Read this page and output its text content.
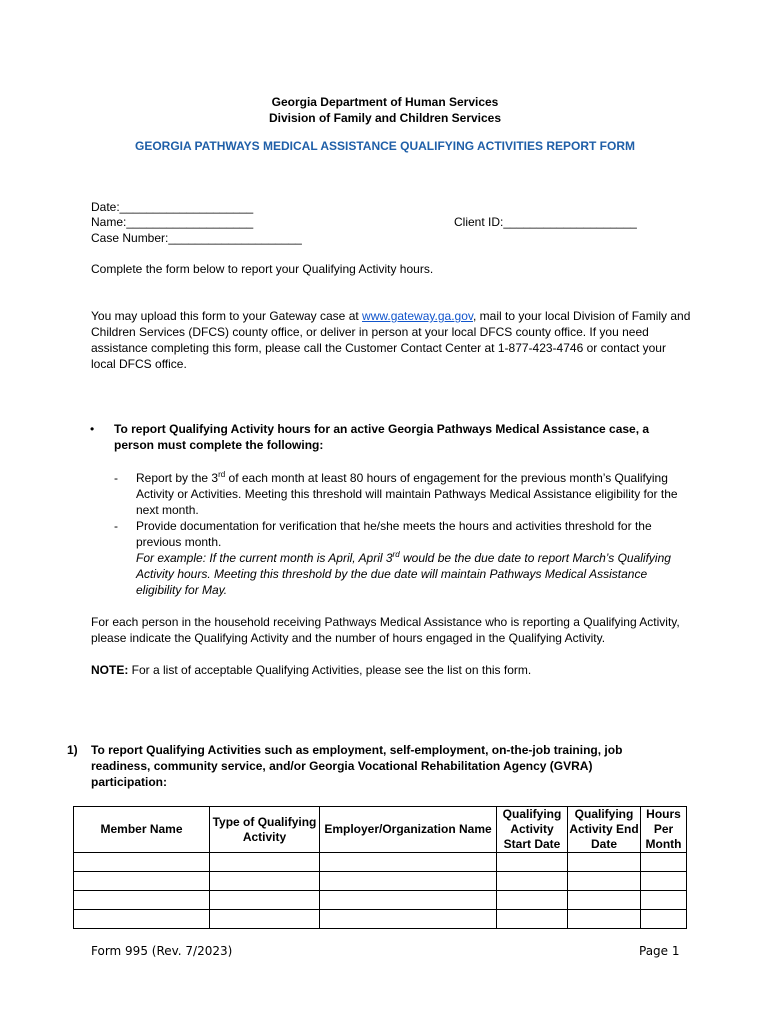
Georgia Department of Human Services
Division of Family and Children Services
GEORGIA PATHWAYS MEDICAL ASSISTANCE QUALIFYING ACTIVITIES REPORT FORM
Date:____________________
Name:___________________	Client ID:____________________
Case Number:____________________
Complete the form below to report your Qualifying Activity hours.

You may upload this form to your Gateway case at www.gateway.ga.gov, mail to your local Division of Family and Children Services (DFCS) county office, or deliver in person at your local DFCS county office. If you need assistance completing this form, please call the Customer Contact Center at 1-877-423-4746 or contact your local DFCS office.

• To report Qualifying Activity hours for an active Georgia Pathways Medical Assistance case, a person must complete the following:

- Report by the 3rd of each month at least 80 hours of engagement for the previous month’s Qualifying Activity or Activities. Meeting this threshold will maintain Pathways Medical Assistance eligibility for the next month.

- Provide documentation for verification that he/she meets the hours and activities threshold for the previous month.

For example: If the current month is April, April 3rd would be the due date to report March’s Qualifying Activity hours. Meeting this threshold by the due date will maintain Pathways Medical Assistance eligibility for May.

For each person in the household receiving Pathways Medical Assistance who is reporting a Qualifying Activity, please indicate the Qualifying Activity and the number of hours engaged in the Qualifying Activity.

NOTE: For a list of acceptable Qualifying Activities, please see the list on this form.

1) To report Qualifying Activities such as employment, self-employment, on-the-job training, job readiness, community service, and/or Georgia Vocational Rehabilitation Agency (GVRA) participation:

Member Name	Type of Qualifying Activity	Employer/Organization Name	Qualifying Activity Start Date	Qualifying Activity End Date	Hours Per Month

Form 995 (Rev. 7/2023)	Page 1
